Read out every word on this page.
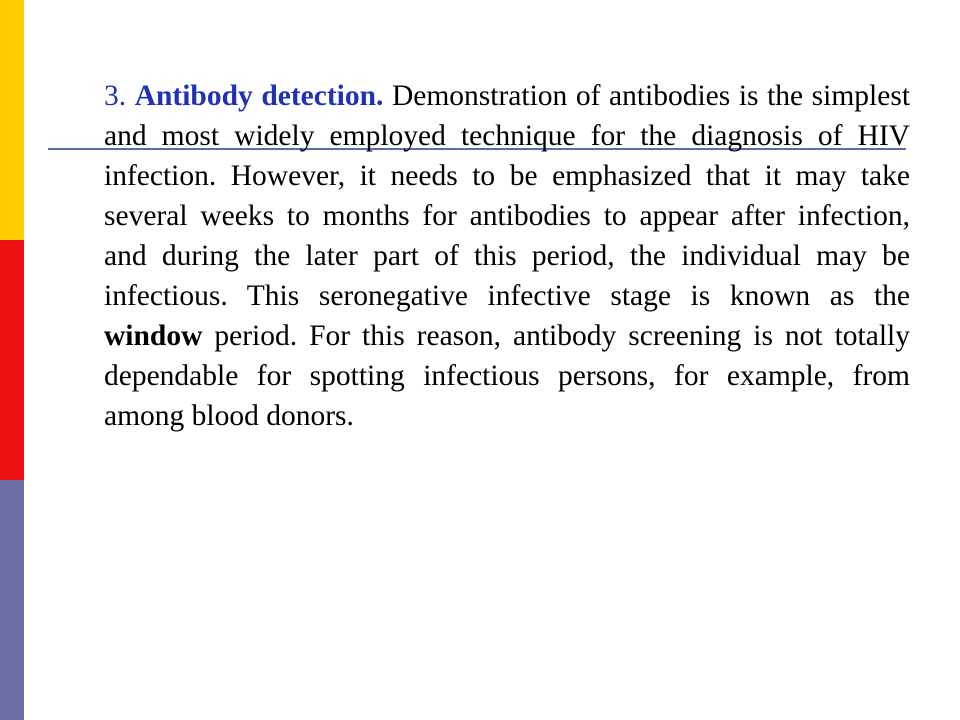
3. Antibody detection. Demonstration of antibodies is the simplest and most widely employed technique for the diagnosis of HIV infection. However, it needs to be emphasized that it may take several weeks to months for antibodies to appear after infection, and during the later part of this period, the individual may be infectious. This seronegative infective stage is known as the window period. For this reason, antibody screening is not totally dependable for spotting infectious persons, for example, from among blood donors.
